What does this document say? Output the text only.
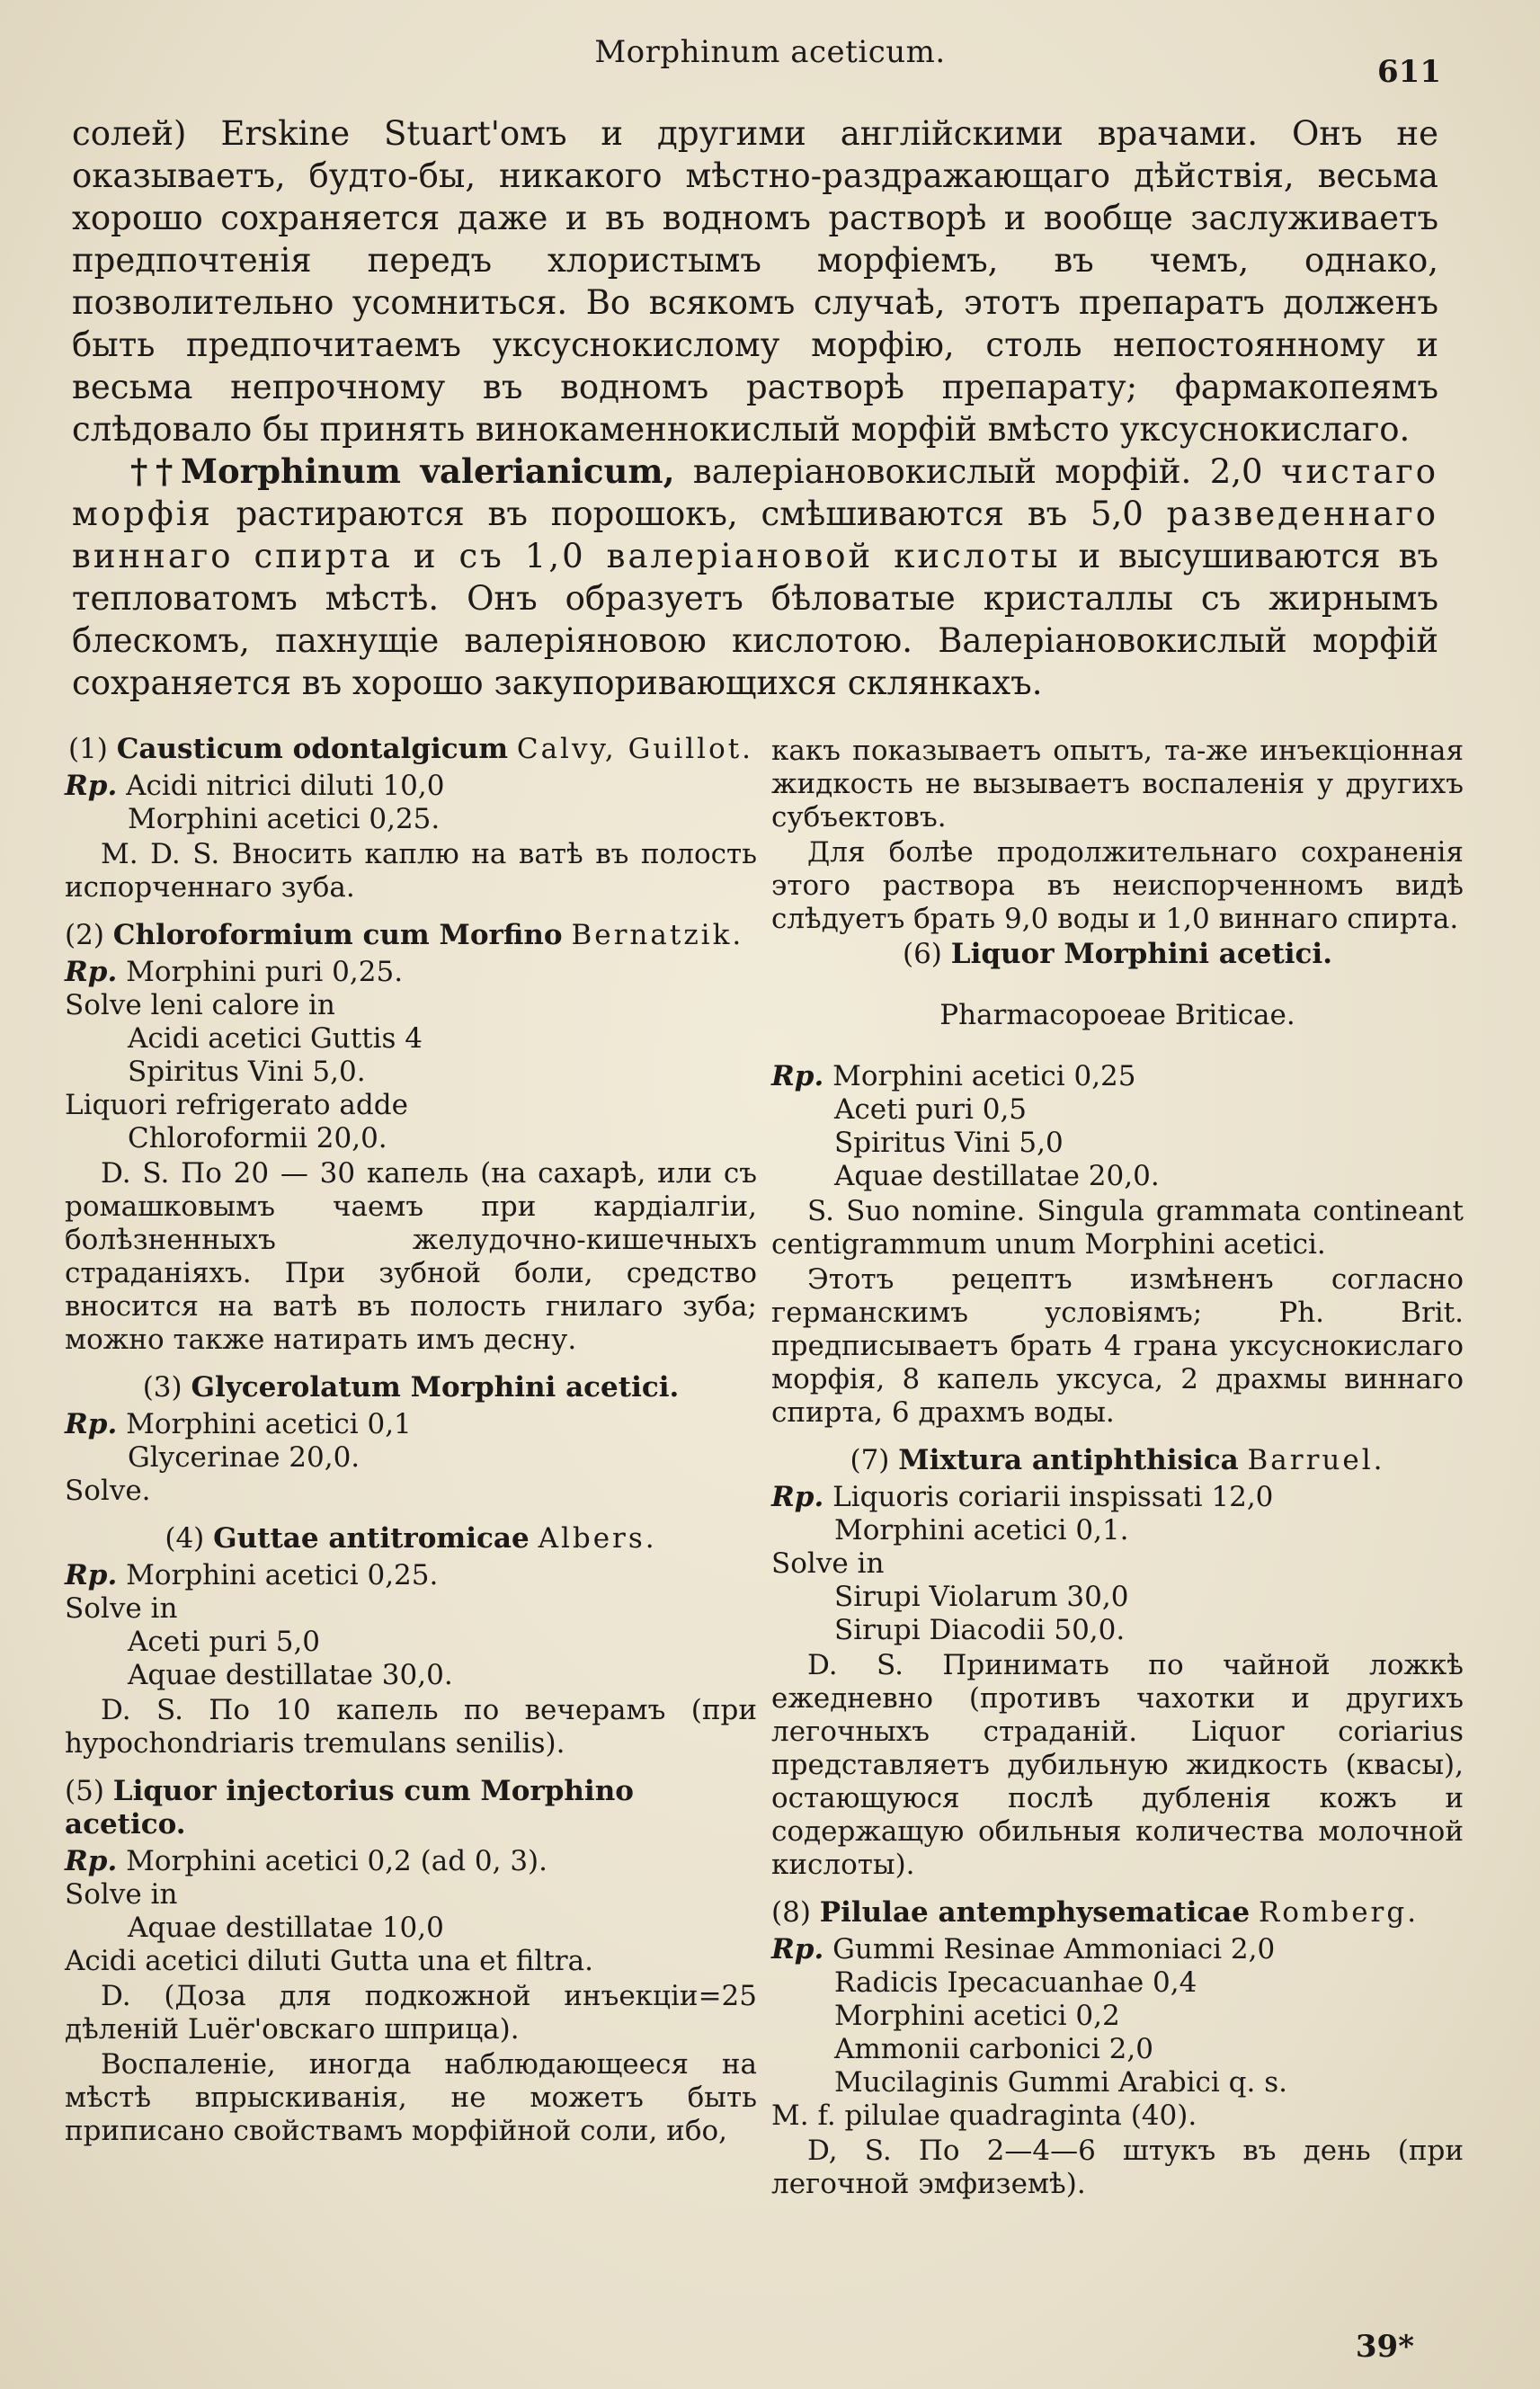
Morphinum aceticum.
611

солей) Erskine Stuart'омъ и другими англійскими врачами. Онъ не оказываетъ, будто-бы, никакого мѣстно-раздражающаго дѣйствія, весьма хорошо сохраняется даже и въ водномъ растворѣ и вообще заслуживаетъ предпочтенія передъ хлористымъ морфіемъ, въ чемъ, однако, позволительно усомниться. Во всякомъ случаѣ, этотъ препаратъ долженъ быть предпочитаемъ уксуснокислому морфію, столь непостоянному и весьма непрочному въ водномъ растворѣ препарату; фармакопеямъ слѣдовало бы принять винокаменнокислый морфій вмѣсто уксуснокислаго.

††Morphinum valerianicum, валеріановокислый морфій. 2,0 чистаго морфія растираются въ порошокъ, смѣшиваются въ 5,0 разведеннаго виннаго спирта и съ 1,0 валеріановой кислоты и высушиваются въ тепловатомъ мѣстѣ. Онъ образуетъ бѣловатые кристаллы съ жирнымъ блескомъ, пахнущіе валеріяновою кислотою. Валеріановокислый морфій сохраняется въ хорошо закупоривающихся склянкахъ.

(1) Causticum odontalgicum Calvy, Guillot.

Rp. Acidi nitrici diluti 10,0

Morphini acetici 0,25.

M. D. S. Вносить каплю на ватѣ въ полость испорченнаго зуба.

(2) Chloroformium cum Morfino Bernatzik.

Rp. Morphini puri 0,25.

Solve leni calore in

Acidi acetici Guttis 4

Spiritus Vini 5,0.

Liquori refrigerato adde

Chloroformii 20,0.

D. S. По 20 — 30 капель (на сахарѣ, или съ ромашковымъ чаемъ при кардіалгіи, болѣзненныхъ желудочно-кишечныхъ страданіяхъ. При зубной боли, средство вносится на ватѣ въ полость гнилаго зуба; можно также натирать имъ десну.

(3) Glycerolatum Morphini acetici.

Rp. Morphini acetici 0,1

Glycerinae 20,0.

Solve.

(4) Guttae antitromicae Albers.

Rp. Morphini acetici 0,25.

Solve in

Aceti puri 5,0

Aquae destillatae 30,0.

D. S. По 10 капель по вечерамъ (при hypochondriaris tremulans senilis).

(5) Liquor injectorius cum Morphino acetico.

Rp. Morphini acetici 0,2 (ad 0, 3).

Solve in

Aquae destillatae 10,0

Acidi acetici diluti Gutta una et filtra.

D. (Доза для подкожной инъекціи=25 дѣленій Luёr'овскаго шприца).

Воспаленіе, иногда наблюдающееся на мѣстѣ впрыскиванія, не можетъ быть приписано свойствамъ морфійной соли, ибо,

какъ показываетъ опытъ, та-же инъекціонная жидкость не вызываетъ воспаленія у другихъ субъектовъ.

Для болѣе продолжительнаго сохраненія этого раствора въ неиспорченномъ видѣ слѣдуетъ брать 9,0 воды и 1,0 виннаго спирта.

(6) Liquor Morphini acetici.

Pharmacopoeae Briticae.

Rp. Morphini acetici 0,25

Aceti puri 0,5

Spiritus Vini 5,0

Aquae destillatae 20,0.

S. Suo nomine. Singula grammata contineant centigrammum unum Morphini acetici.

Этотъ рецептъ измѣненъ согласно германскимъ условіямъ; Ph. Brit. предписываетъ брать 4 грана уксуснокислаго морфія, 8 капель уксуса, 2 драхмы виннаго спирта, 6 драхмъ воды.

(7) Mixtura antiphthisica Barruel.

Rp. Liquoris coriarii inspissati 12,0

Morphini acetici 0,1.

Solve in

Sirupi Violarum 30,0

Sirupi Diacodii 50,0.

D. S. Принимать по чайной ложкѣ ежедневно (противъ чахотки и другихъ легочныхъ страданій. Liquor coriarius представляетъ дубильную жидкость (квасы), остающуюся послѣ дубленія кожъ и содержащую обильныя количества молочной кислоты).

(8) Pilulae antemphysematicae Romberg.

Rp. Gummi Resinae Ammoniaci 2,0

Radicis Ipecacuanhae 0,4

Morphini acetici 0,2

Ammonii carbonici 2,0

Mucilaginis Gummi Arabici q. s.

M. f. pilulae quadraginta (40).

D, S. По 2—4—6 штукъ въ день (при легочной эмфиземѣ).

39*
